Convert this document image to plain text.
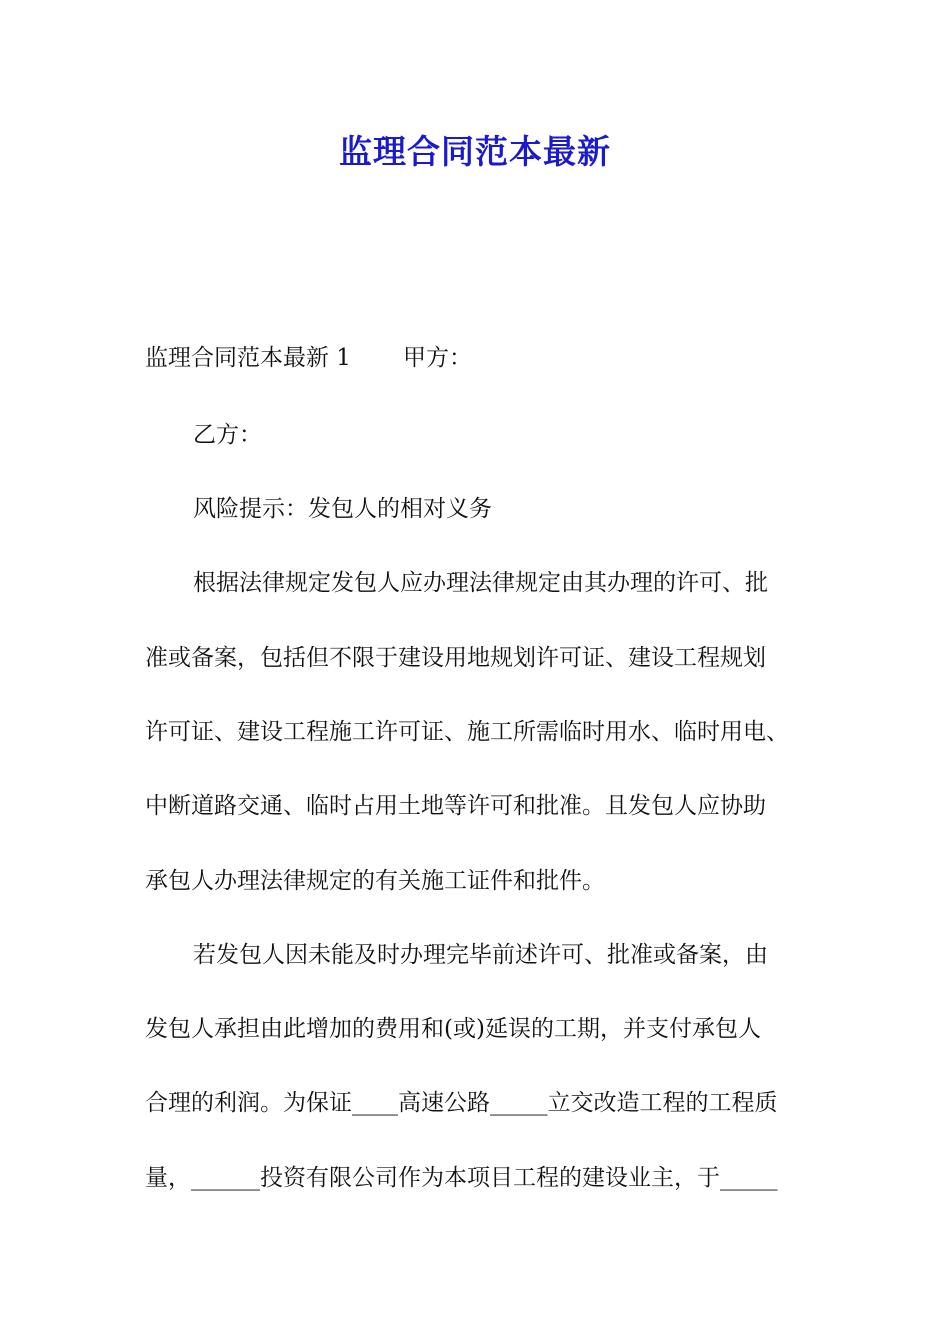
监理合同范本最新
监理合同范本最新 1 甲方：
乙方：
风险提示：发包人的相对义务
根据法律规定发包人应办理法律规定由其办理的许可、批
准或备案，包括但不限于建设用地规划许可证、建设工程规划
许可证、建设工程施工许可证、施工所需临时用水、临时用电、
中断道路交通、临时占用土地等许可和批准。且发包人应协助
承包人办理法律规定的有关施工证件和批件。
若发包人因未能及时办理完毕前述许可、批准或备案，由
发包人承担由此增加的费用和(或)延误的工期，并支付承包人
合理的利润。为保证____高速公路_____立交改造工程的工程质
量，______投资有限公司作为本项目工程的建设业主，于_____
